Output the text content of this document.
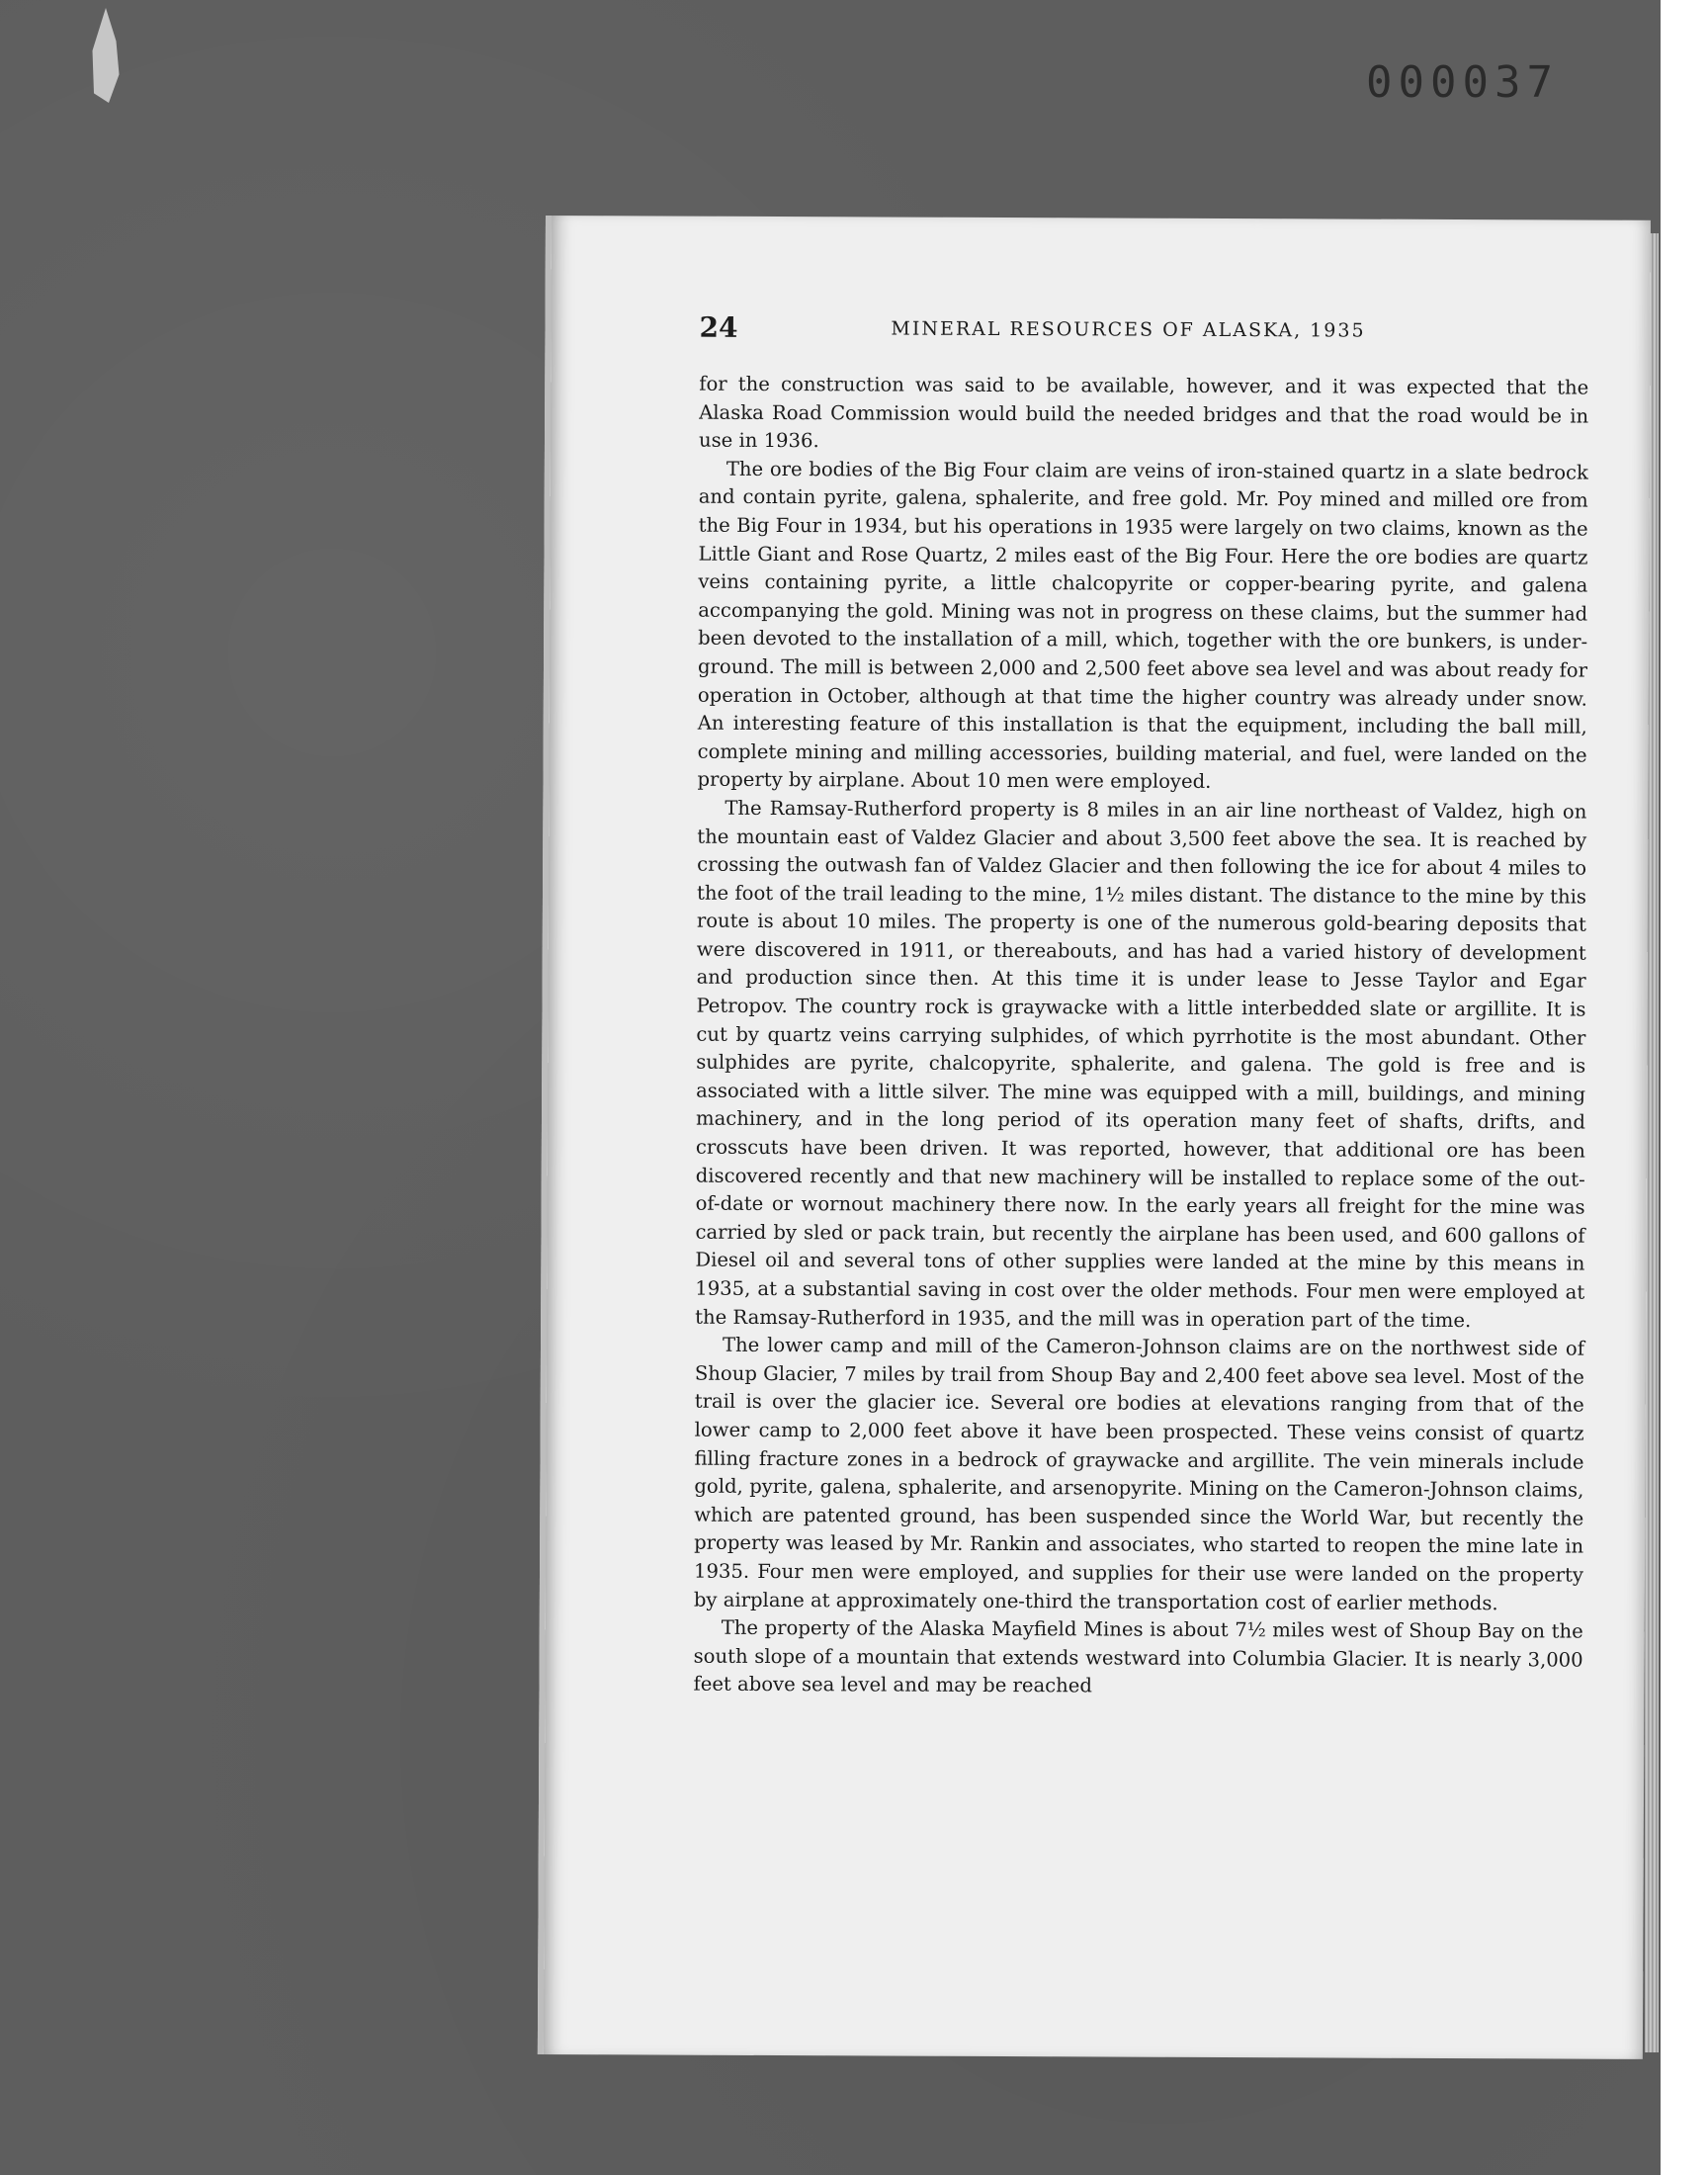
000037
24	MINERAL RESOURCES OF ALASKA, 1935

for the construction was said to be available, however, and it was expected that the Alaska Road Commission would build the needed bridges and that the road would be in use in 1936.

The ore bodies of the Big Four claim are veins of iron-stained quartz in a slate bedrock and contain pyrite, galena, sphalerite, and free gold. Mr. Poy mined and milled ore from the Big Four in 1934, but his operations in 1935 were largely on two claims, known as the Little Giant and Rose Quartz, 2 miles east of the Big Four. Here the ore bodies are quartz veins containing pyrite, a little chalcopyrite or copper-bearing pyrite, and galena accompanying the gold. Mining was not in progress on these claims, but the summer had been devoted to the installation of a mill, which, together with the ore bunkers, is underground. The mill is between 2,000 and 2,500 feet above sea level and was about ready for operation in October, although at that time the higher country was already under snow. An interesting feature of this installation is that the equipment, including the ball mill, complete mining and milling accessories, building material, and fuel, were landed on the property by airplane. About 10 men were employed.

The Ramsay-Rutherford property is 8 miles in an air line northeast of Valdez, high on the mountain east of Valdez Glacier and about 3,500 feet above the sea. It is reached by crossing the outwash fan of Valdez Glacier and then following the ice for about 4 miles to the foot of the trail leading to the mine, 1½ miles distant. The distance to the mine by this route is about 10 miles. The property is one of the numerous gold-bearing deposits that were discovered in 1911, or thereabouts, and has had a varied history of development and production since then. At this time it is under lease to Jesse Taylor and Egar Petropov. The country rock is graywacke with a little interbedded slate or argillite. It is cut by quartz veins carrying sulphides, of which pyrrhotite is the most abundant. Other sulphides are pyrite, chalcopyrite, sphalerite, and galena. The gold is free and is associated with a little silver. The mine was equipped with a mill, buildings, and mining machinery, and in the long period of its operation many feet of shafts, drifts, and crosscuts have been driven. It was reported, however, that additional ore has been discovered recently and that new machinery will be installed to replace some of the out-of-date or wornout machinery there now. In the early years all freight for the mine was carried by sled or pack train, but recently the airplane has been used, and 600 gallons of Diesel oil and several tons of other supplies were landed at the mine by this means in 1935, at a substantial saving in cost over the older methods. Four men were employed at the Ramsay-Rutherford in 1935, and the mill was in operation part of the time.

The lower camp and mill of the Cameron-Johnson claims are on the northwest side of Shoup Glacier, 7 miles by trail from Shoup Bay and 2,400 feet above sea level. Most of the trail is over the glacier ice. Several ore bodies at elevations ranging from that of the lower camp to 2,000 feet above it have been prospected. These veins consist of quartz filling fracture zones in a bedrock of graywacke and argillite. The vein minerals include gold, pyrite, galena, sphalerite, and arsenopyrite. Mining on the Cameron-Johnson claims, which are patented ground, has been suspended since the World War, but recently the property was leased by Mr. Rankin and associates, who started to reopen the mine late in 1935. Four men were employed, and supplies for their use were landed on the property by airplane at approximately one-third the transportation cost of earlier methods.

The property of the Alaska Mayfield Mines is about 7½ miles west of Shoup Bay on the south slope of a mountain that extends westward into Columbia Glacier. It is nearly 3,000 feet above sea level and may be reached
